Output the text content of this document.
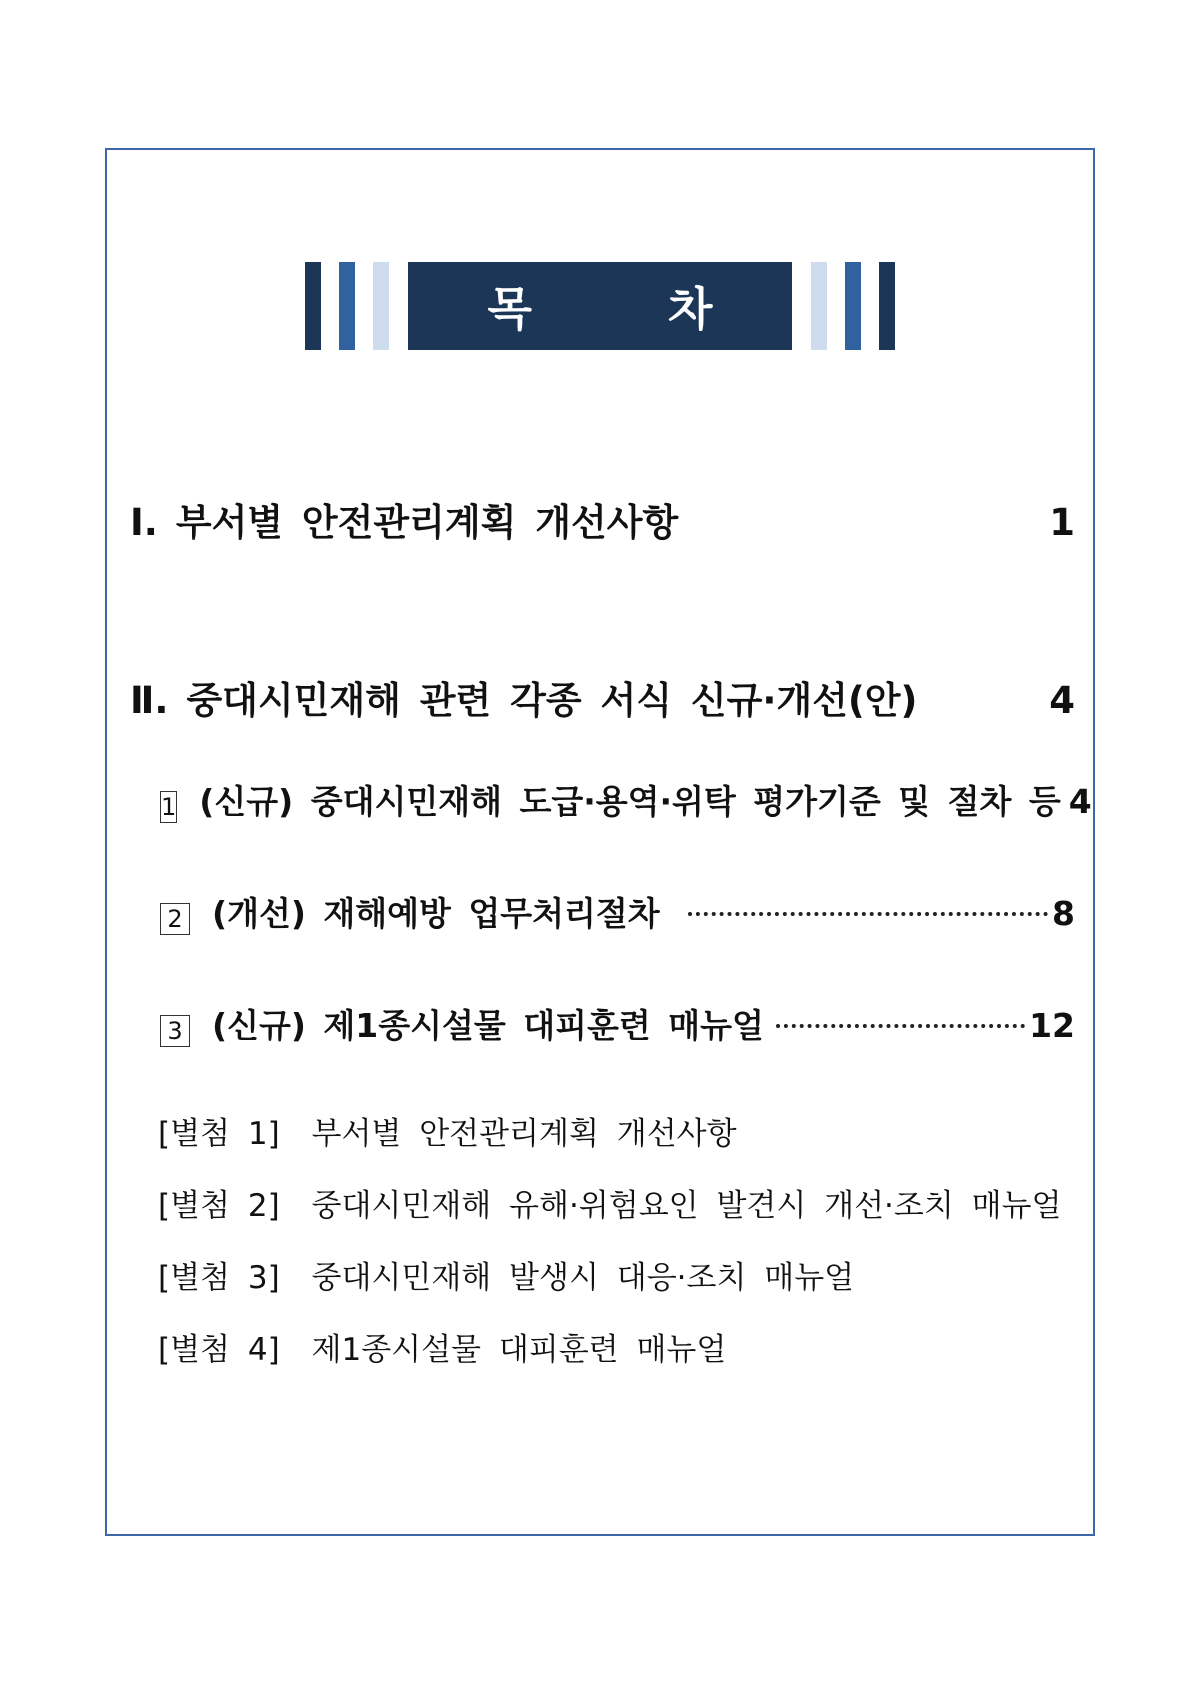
목 차
Ⅰ. 부서별 안전관리계획 개선사항	1
Ⅱ. 중대시민재해 관련 각종 서식 신규·개선(안)	4
1 (신규) 중대시민재해 도급·용역·위탁 평가기준 및 절차 등 4
2 (개선) 재해예방 업무처리절차	8
3 (신규) 제1종시설물 대피훈련 매뉴얼	12
[별첨 1] 부서별 안전관리계획 개선사항
[별첨 2] 중대시민재해 유해·위험요인 발견시 개선·조치 매뉴얼
[별첨 3] 중대시민재해 발생시 대응·조치 매뉴얼
[별첨 4] 제1종시설물 대피훈련 매뉴얼
